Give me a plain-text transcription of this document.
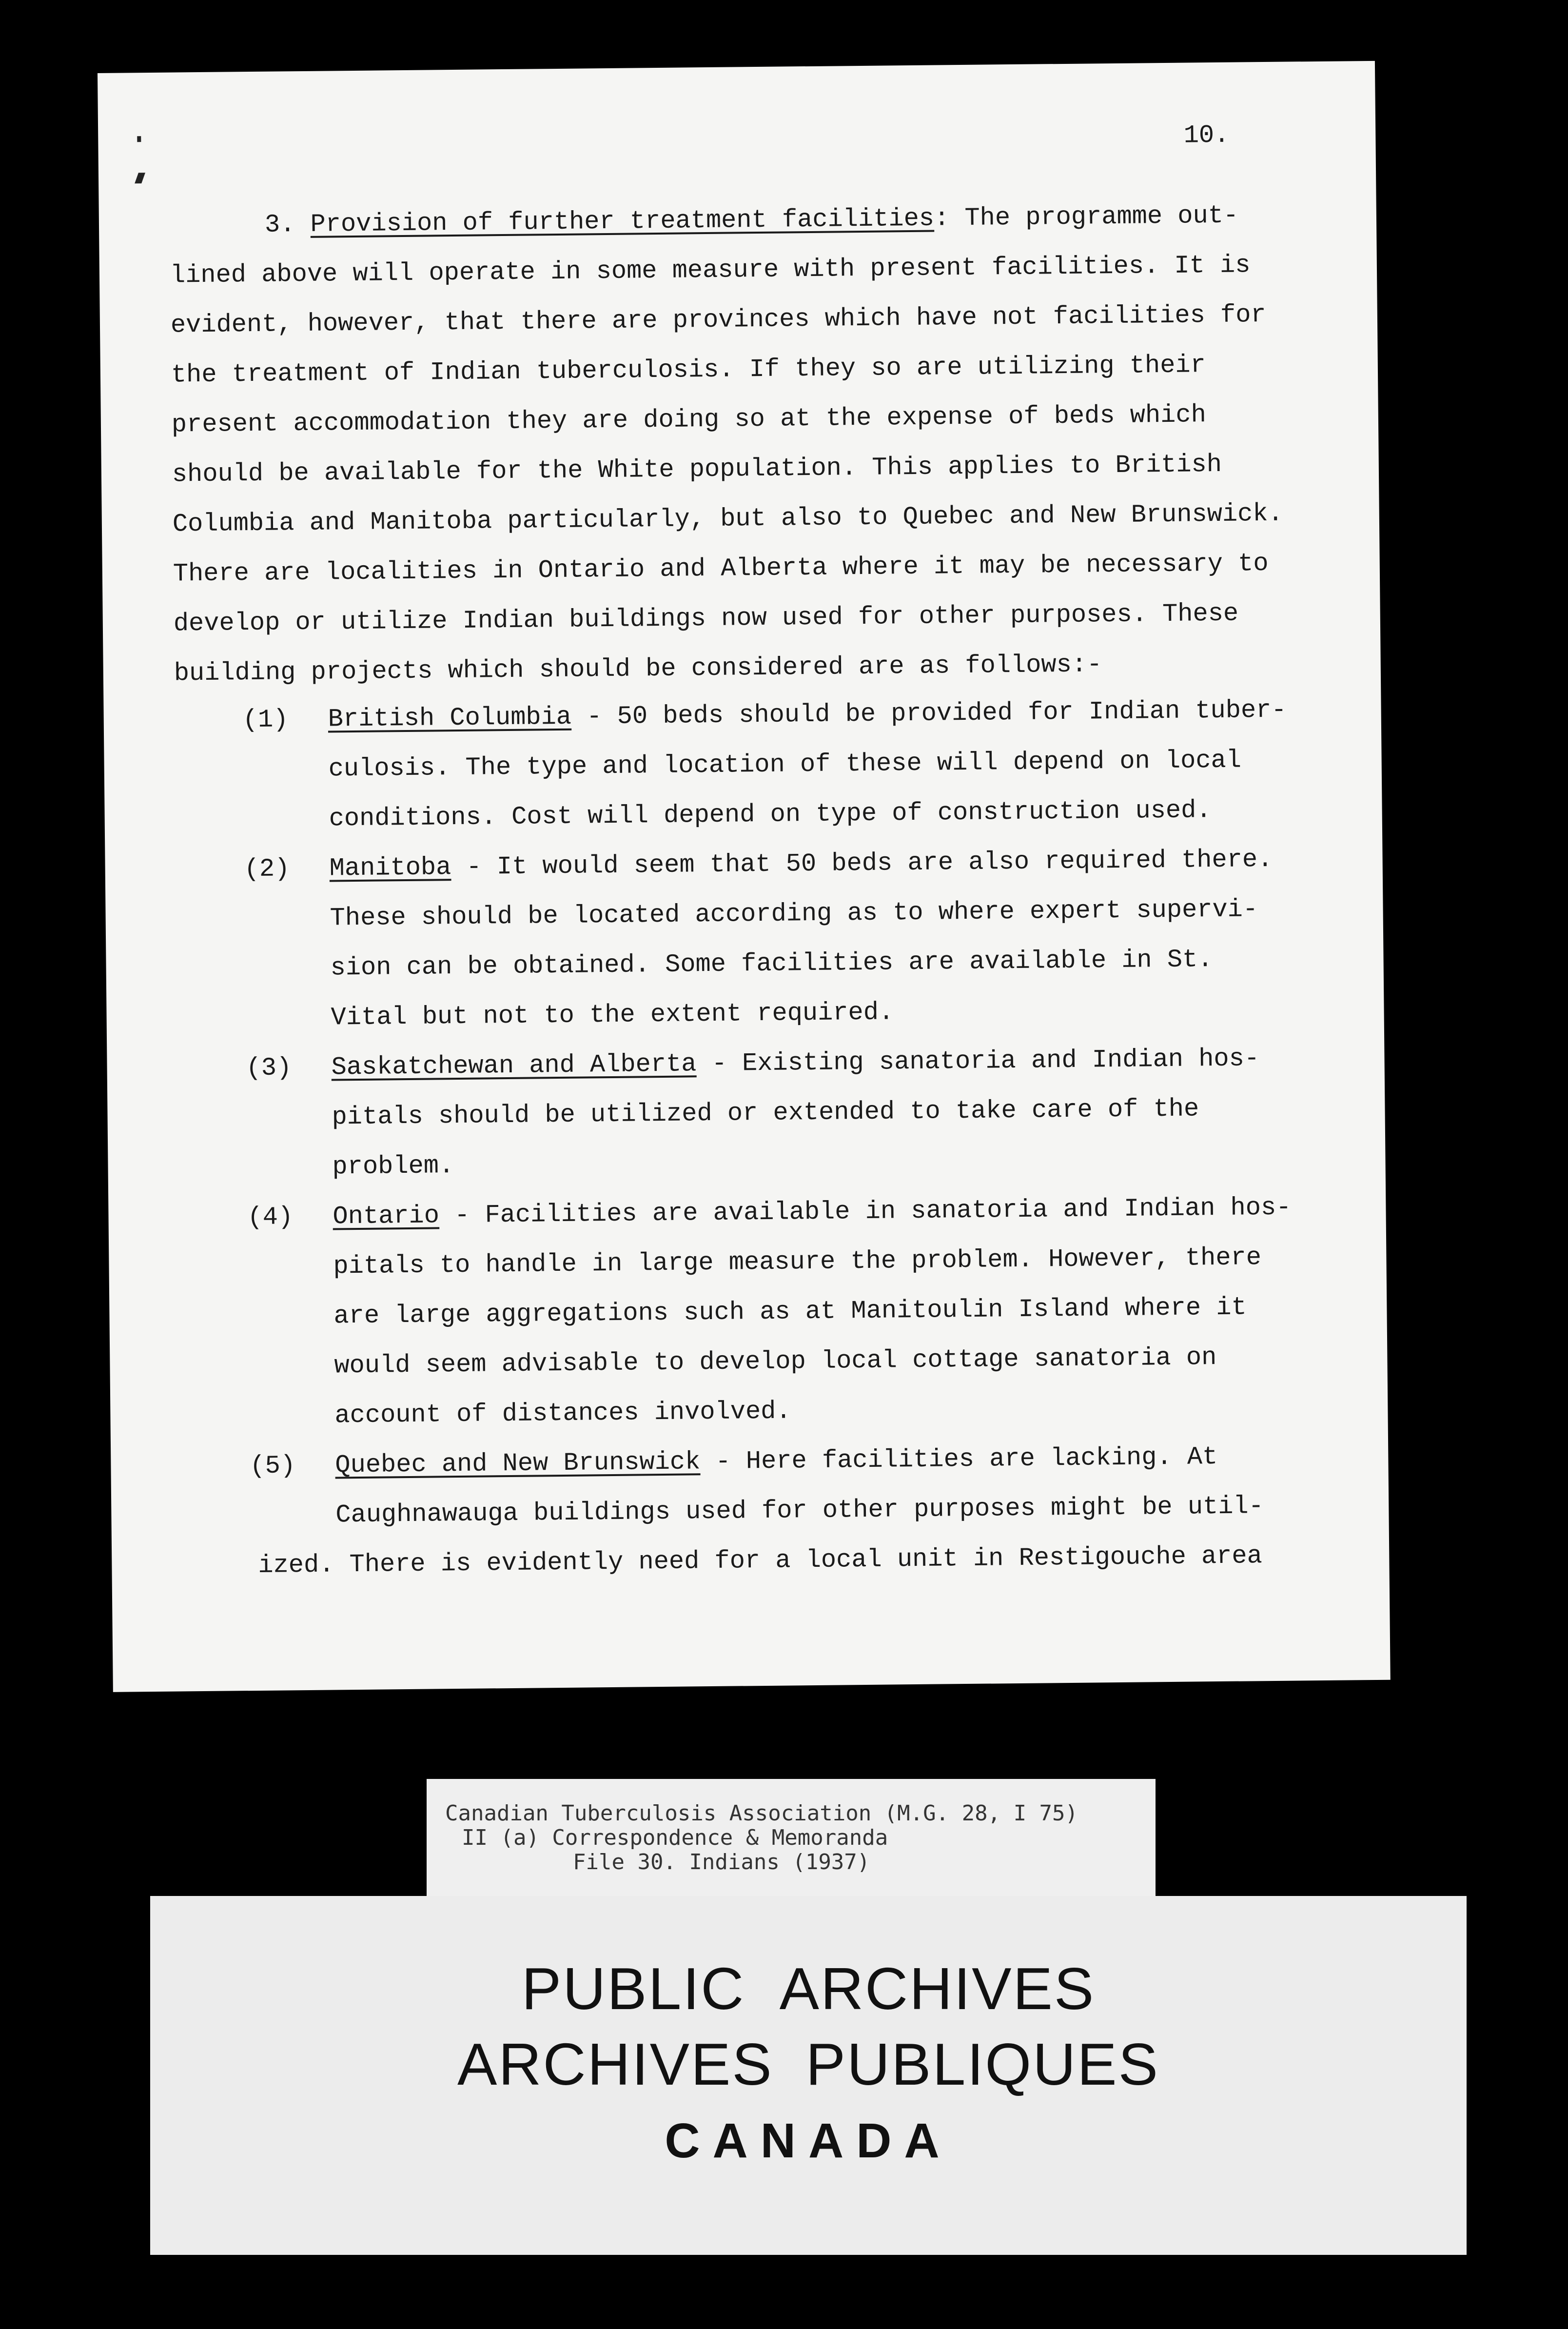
10.
3. Provision of further treatment facilities: The programme out-
lined above will operate in some measure with present facilities. It is
evident, however, that there are provinces which have not facilities for
the treatment of Indian tuberculosis. If they so are utilizing their
present accommodation they are doing so at the expense of beds which
should be available for the White population. This applies to British
Columbia and Manitoba particularly, but also to Quebec and New Brunswick.
There are localities in Ontario and Alberta where it may be necessary to
develop or utilize Indian buildings now used for other purposes. These
building projects which should be considered are as follows:-
(1) British Columbia - 50 beds should be provided for Indian tuber-
culosis. The type and location of these will depend on local
conditions. Cost will depend on type of construction used.
(2) Manitoba - It would seem that 50 beds are also required there.
These should be located according as to where expert supervi-
sion can be obtained. Some facilities are available in St.
Vital but not to the extent required.
(3) Saskatchewan and Alberta - Existing sanatoria and Indian hos-
pitals should be utilized or extended to take care of the
problem.
(4) Ontario - Facilities are available in sanatoria and Indian hos-
pitals to handle in large measure the problem. However, there
are large aggregations such as at Manitoulin Island where it
would seem advisable to develop local cottage sanatoria on
account of distances involved.
(5) Quebec and New Brunswick - Here facilities are lacking. At
Caughnawauga buildings used for other purposes might be util-
ized. There is evidently need for a local unit in Restigouche area
Canadian Tuberculosis Association (M.G. 28, I 75)
II (a) Correspondence & Memoranda
File 30. Indians (1937)
PUBLIC ARCHIVES
ARCHIVES PUBLIQUES
CANADA
